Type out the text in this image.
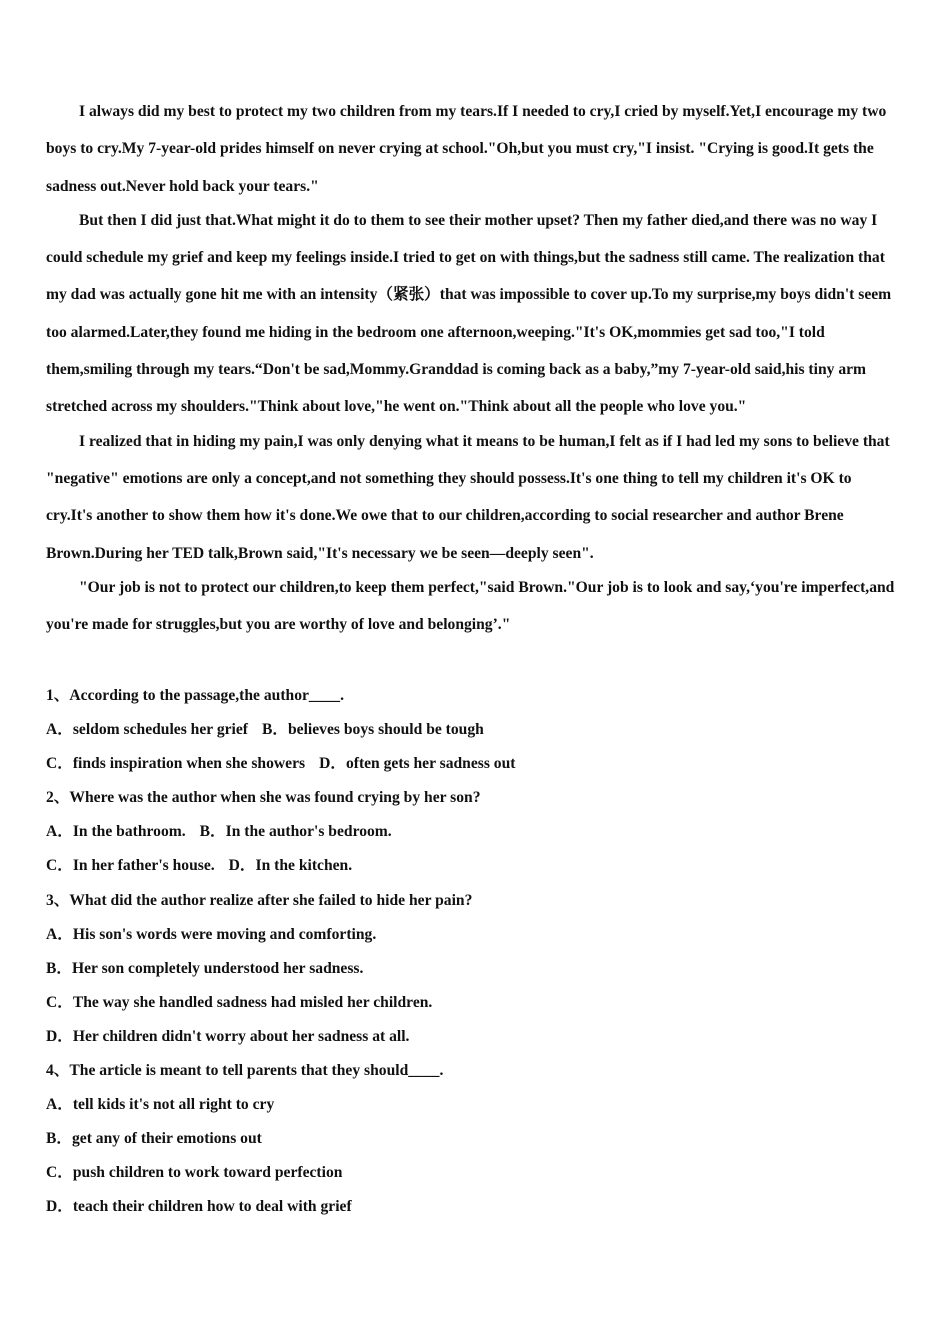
I always did my best to protect my two children from my tears.If I needed to cry,I cried by myself.Yet,I encourage my two boys to cry.My 7-year-old prides himself on never crying at school."Oh,but you must cry,"I insist. "Crying is good.It gets the sadness out.Never hold back your tears."

But then I did just that.What might it do to them to see their mother upset? Then my father died,and there was no way I could schedule my grief and keep my feelings inside.I tried to get on with things,but the sadness still came. The realization that my dad was actually gone hit me with an intensity（紧张）that was impossible to cover up.To my surprise,my boys didn't seem too alarmed.Later,they found me hiding in the bedroom one afternoon,weeping."It's OK,mommies get sad too,"I told them,smiling through my tears.“Don't be sad,Mommy.Granddad is coming back as a baby,”my 7-year-old said,his tiny arm stretched across my shoulders."Think about love,"he went on."Think about all the people who love you."

I realized that in hiding my pain,I was only denying what it means to be human,I felt as if I had led my sons to believe that "negative" emotions are only a concept,and not something they should possess.It's one thing to tell my children it's OK to cry.It's another to show them how it's done.We owe that to our children,according to social researcher and author Brene Brown.During her TED talk,Brown said,"It's necessary we be seen—deeply seen".

"Our job is not to protect our children,to keep them perfect,"said Brown."Our job is to look and say,‘you're imperfect,and you're made for struggles,but you are worthy of love and belonging’."

1、According to the passage,the author____.
A．seldom schedules her grief B．believes boys should be tough
C．finds inspiration when she showers D．often gets her sadness out
2、Where was the author when she was found crying by her son?
A．In the bathroom. B．In the author's bedroom.
C．In her father's house. D．In the kitchen.
3、What did the author realize after she failed to hide her pain?
A．His son's words were moving and comforting.
B．Her son completely understood her sadness.
C．The way she handled sadness had misled her children.
D．Her children didn't worry about her sadness at all.
4、The article is meant to tell parents that they should____.
A．tell kids it's not all right to cry
B．get any of their emotions out
C．push children to work toward perfection
D．teach their children how to deal with grief
